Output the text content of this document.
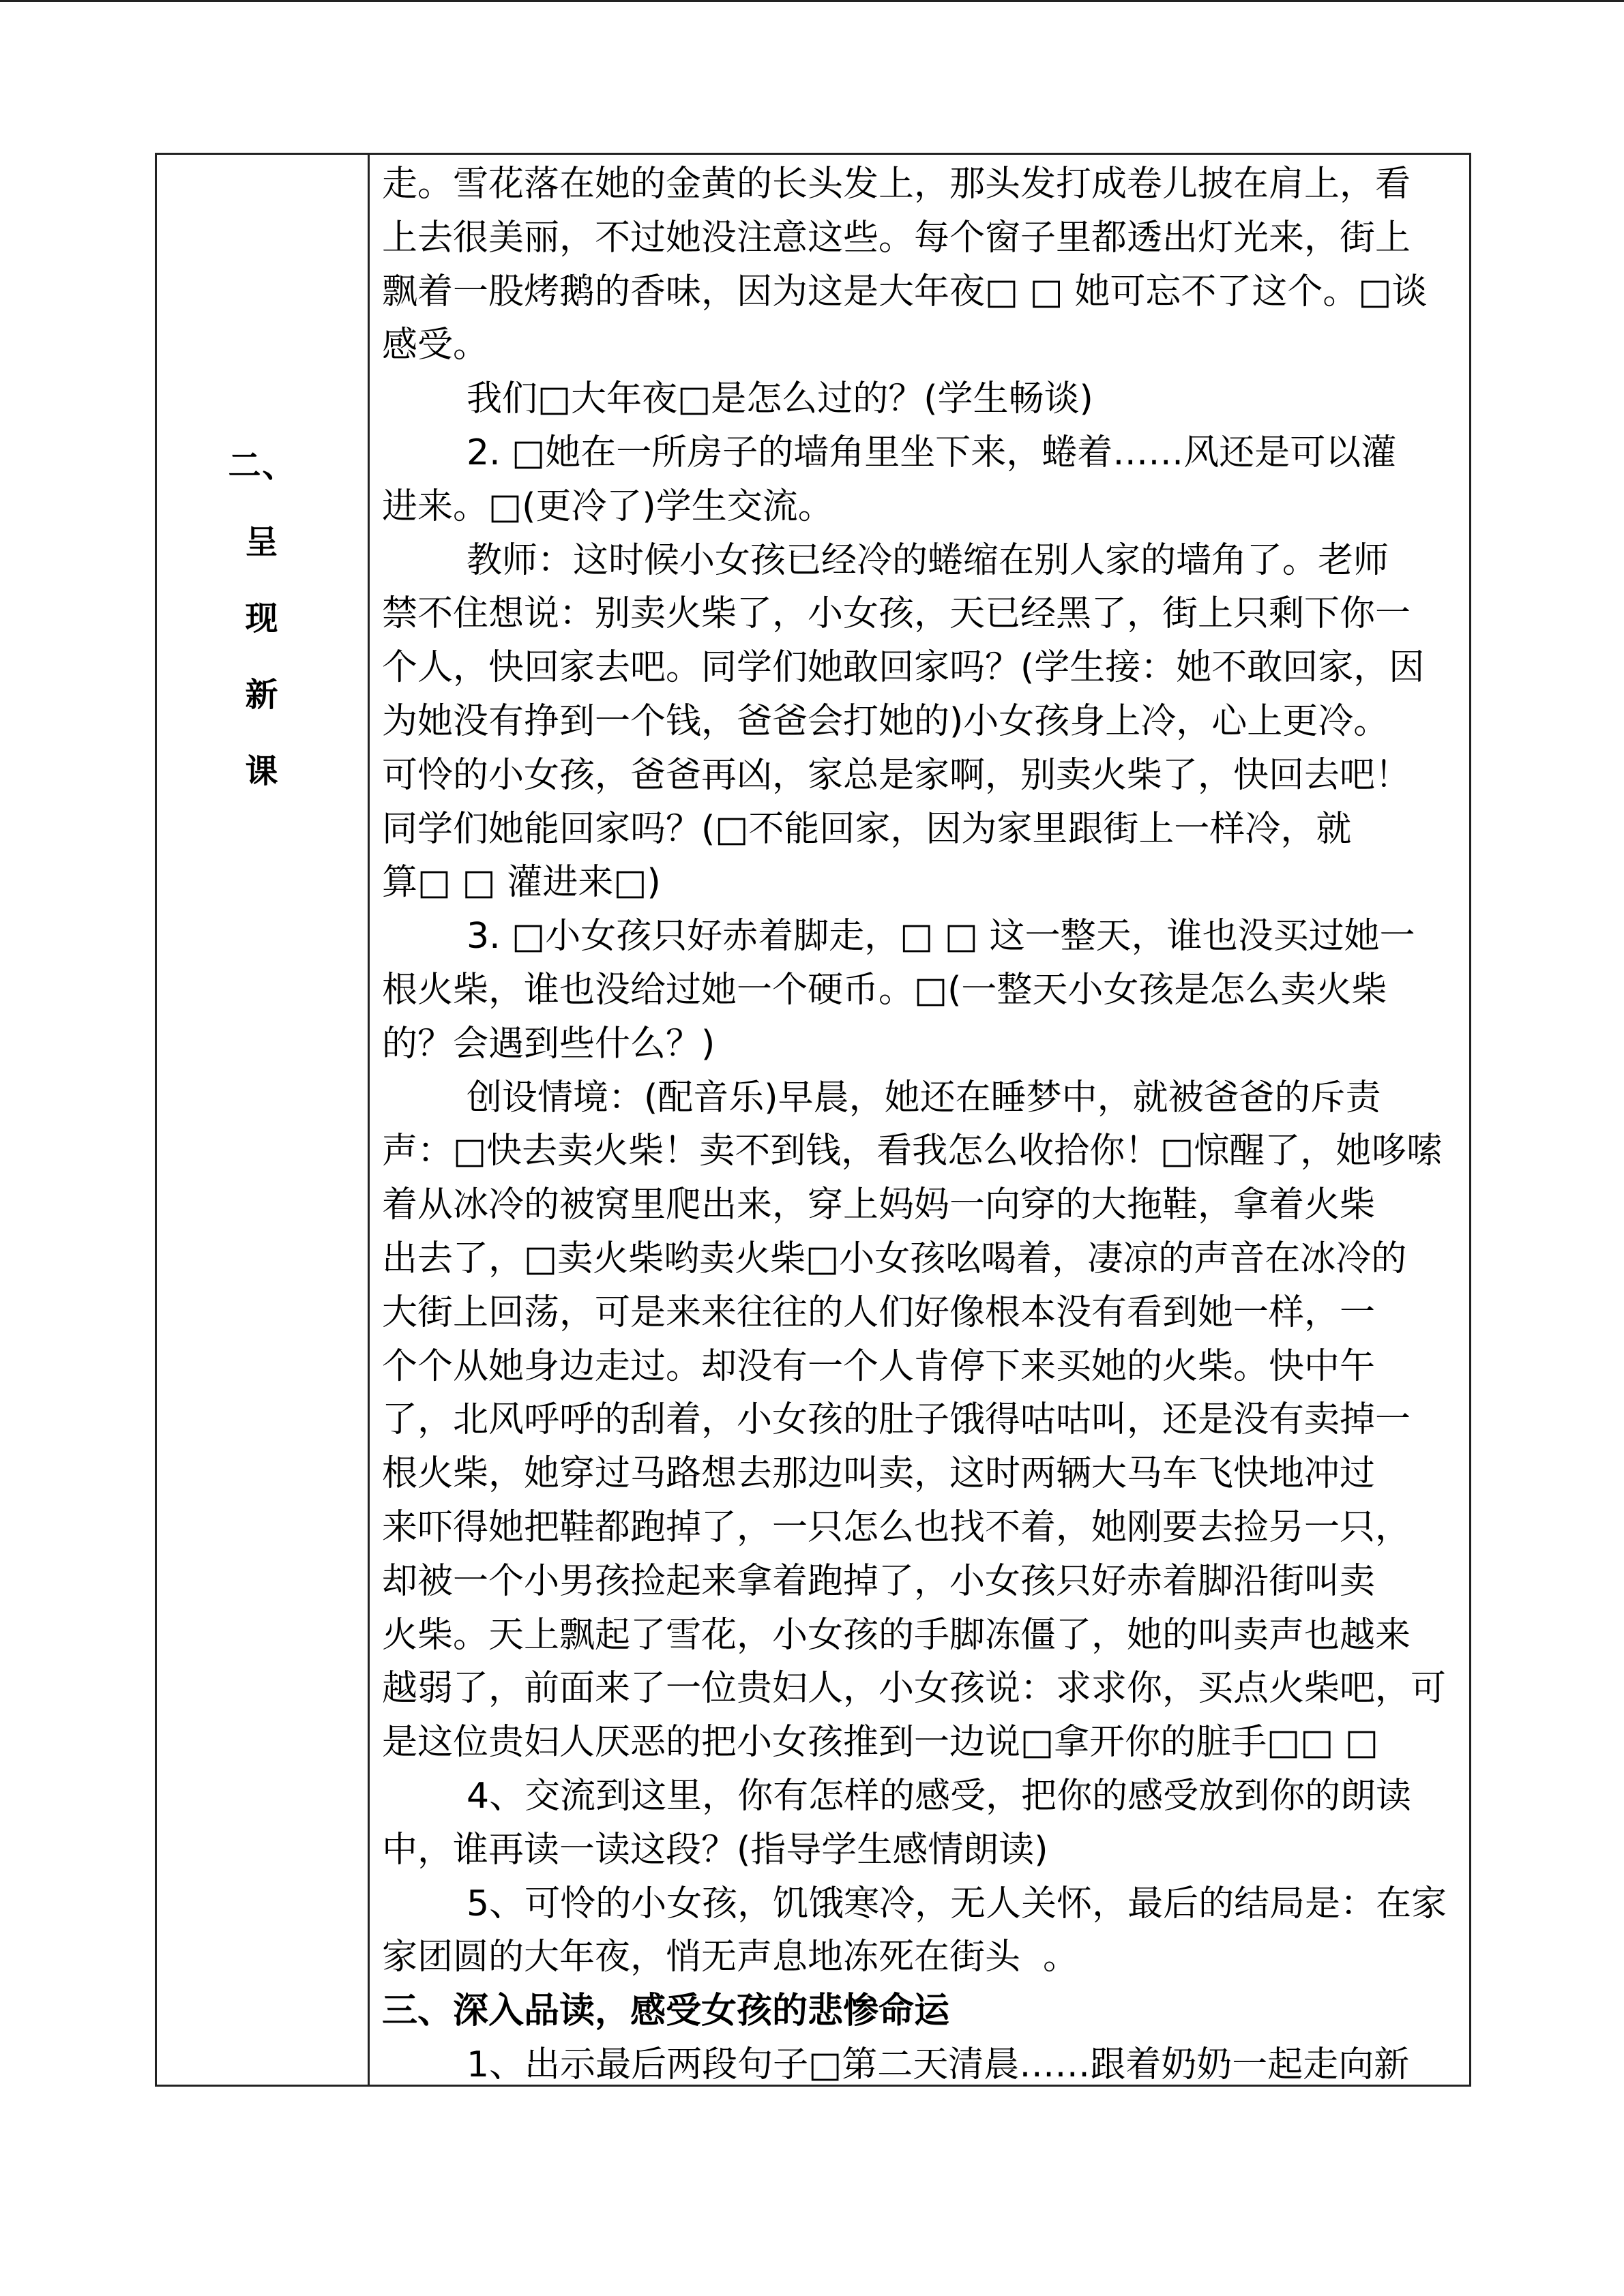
二、
呈
现
新
课

走。雪花落在她的金黄的长头发上，那头发打成卷儿披在肩上，看

上去很美丽，不过她没注意这些。每个窗子里都透出灯光来，街上

飘着一股烤鹅的香味，因为这是大年夜□ □ 她可忘不了这个。□谈

感受。

我们□大年夜□是怎么过的？(学生畅谈)

2. □她在一所房子的墙角里坐下来，蜷着……风还是可以灌

进来。□(更冷了)学生交流。

教师：这时候小女孩已经冷的蜷缩在别人家的墙角了。老师

禁不住想说：别卖火柴了，小女孩，天已经黑了，街上只剩下你一

个人，快回家去吧。同学们她敢回家吗？(学生接：她不敢回家，因

为她没有挣到一个钱，爸爸会打她的)小女孩身上冷，心上更冷。

可怜的小女孩，爸爸再凶，家总是家啊，别卖火柴了，快回去吧！

同学们她能回家吗？(□不能回家，因为家里跟街上一样冷，就

算□ □ 灌进来□)

3. □小女孩只好赤着脚走，□ □ 这一整天，谁也没买过她一

根火柴，谁也没给过她一个硬币。□(一整天小女孩是怎么卖火柴

的？会遇到些什么？)

创设情境：(配音乐)早晨，她还在睡梦中，就被爸爸的斥责

声：□快去卖火柴！卖不到钱，看我怎么收拾你！□惊醒了，她哆嗦

着从冰冷的被窝里爬出来，穿上妈妈一向穿的大拖鞋，拿着火柴

出去了，□卖火柴哟卖火柴□小女孩吆喝着，凄凉的声音在冰冷的

大街上回荡，可是来来往往的人们好像根本没有看到她一样，一

个个从她身边走过。却没有一个人肯停下来买她的火柴。快中午

了，北风呼呼的刮着，小女孩的肚子饿得咕咕叫，还是没有卖掉一

根火柴，她穿过马路想去那边叫卖，这时两辆大马车飞快地冲过

来吓得她把鞋都跑掉了，一只怎么也找不着，她刚要去捡另一只，

却被一个小男孩捡起来拿着跑掉了，小女孩只好赤着脚沿街叫卖

火柴。天上飘起了雪花，小女孩的手脚冻僵了，她的叫卖声也越来

越弱了，前面来了一位贵妇人，小女孩说：求求你，买点火柴吧，可

是这位贵妇人厌恶的把小女孩推到一边说□拿开你的脏手□□ □

4、交流到这里，你有怎样的感受，把你的感受放到你的朗读

中，谁再读一读这段？(指导学生感情朗读)

5、可怜的小女孩，饥饿寒冷，无人关怀，最后的结局是：在家

家团圆的大年夜，悄无声息地冻死在街头  。

三、深入品读，感受女孩的悲惨命运

1、出示最后两段句子□第二天清晨……跟着奶奶一起走向新
